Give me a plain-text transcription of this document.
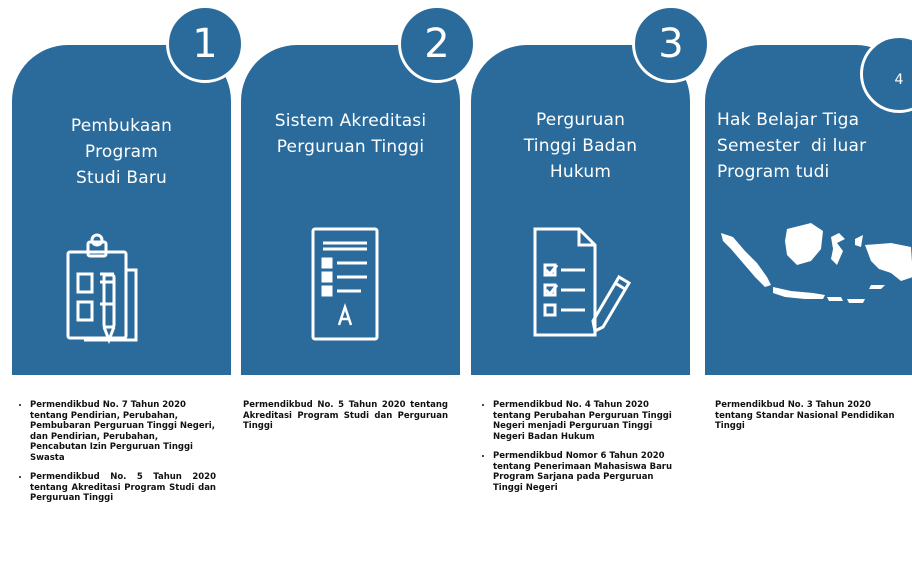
Pembukaan
Program
Studi Baru
1
Sistem Akreditasi
Perguruan Tinggi
2
Perguruan
Tinggi Badan
Hukum
3
Hak Belajar Tiga
Semester  di luar
Program tudi
4
• Permendikbud No. 7 Tahun 2020 tentang Pendirian, Perubahan, Pembubaran Perguruan Tinggi Negeri, dan Pendirian, Perubahan, Pencabutan Izin Perguruan Tinggi Swasta
• Permendikbud No. 5 Tahun 2020 tentang Akreditasi Program Studi dan Perguruan Tinggi

Permendikbud No. 5 Tahun 2020 tentang Akreditasi Program Studi dan Perguruan Tinggi

• Permendikbud No. 4 Tahun 2020 tentang Perubahan Perguruan Tinggi Negeri menjadi Perguruan Tinggi Negeri Badan Hukum
• Permendikbud Nomor 6 Tahun 2020 tentang Penerimaan Mahasiswa Baru Program Sarjana pada Perguruan Tinggi Negeri

Permendikbud No. 3 Tahun 2020 tentang Standar Nasional Pendidikan Tinggi
